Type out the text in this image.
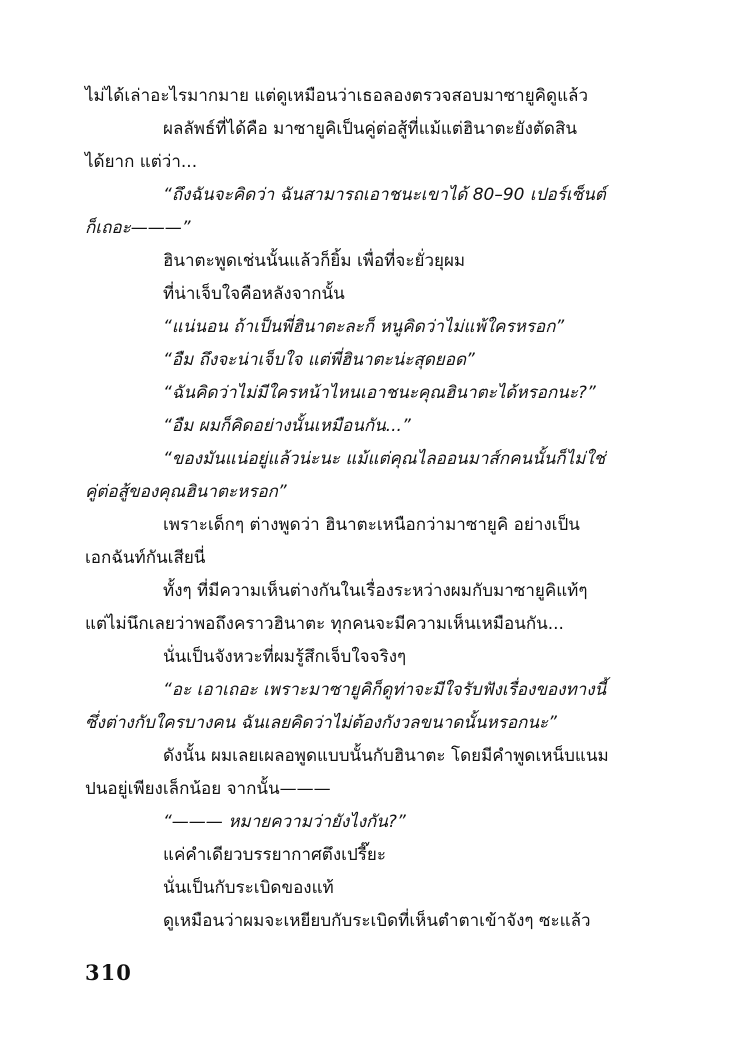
ไม่ได้เล่าอะไรมากมาย แต่ดูเหมือนว่าเธอลองตรวจสอบมาซายูคิดูแล้ว
ผลลัพธ์ที่ได้คือ มาซายูคิเป็นคู่ต่อสู้ที่แม้แต่ฮินาตะยังตัดสิน
ได้ยาก แต่ว่า...
“ถึงฉันจะคิดว่า ฉันสามารถเอาชนะเขาได้ 80–90 เปอร์เซ็นต์
ก็เถอะ———”
ฮินาตะพูดเช่นนั้นแล้วก็ยิ้ม เพื่อที่จะยั่วยุผม
ที่น่าเจ็บใจคือหลังจากนั้น
“แน่นอน ถ้าเป็นพี่ฮินาตะละก็ หนูคิดว่าไม่แพ้ใครหรอก”
“อืม ถึงจะน่าเจ็บใจ แต่พี่ฮินาตะน่ะสุดยอด”
“ฉันคิดว่าไม่มีใครหน้าไหนเอาชนะคุณฮินาตะได้หรอกนะ?”
“อืม ผมก็คิดอย่างนั้นเหมือนกัน...”
“ของมันแน่อยู่แล้วน่ะนะ แม้แต่คุณไลออนมาส์กคนนั้นก็ไม่ใช่
คู่ต่อสู้ของคุณฮินาตะหรอก”
เพราะเด็กๆ ต่างพูดว่า ฮินาตะเหนือกว่ามาซายูคิ อย่างเป็น
เอกฉันท์กันเสียนี่
ทั้งๆ ที่มีความเห็นต่างกันในเรื่องระหว่างผมกับมาซายูคิแท้ๆ
แต่ไม่นึกเลยว่าพอถึงคราวฮินาตะ ทุกคนจะมีความเห็นเหมือนกัน...
นั่นเป็นจังหวะที่ผมรู้สึกเจ็บใจจริงๆ
“อะ เอาเถอะ เพราะมาซายูคิก็ดูท่าจะมีใจรับฟังเรื่องของทางนี้
ซึ่งต่างกับใครบางคน ฉันเลยคิดว่าไม่ต้องกังวลขนาดนั้นหรอกนะ”
ดังนั้น ผมเลยเผลอพูดแบบนั้นกับฮินาตะ โดยมีคำพูดเหน็บแนม
ปนอยู่เพียงเล็กน้อย จากนั้น———
“——— หมายความว่ายังไงกัน?”
แค่คำเดียวบรรยากาศตึงเปรี๊ยะ
นั่นเป็นกับระเบิดของแท้
ดูเหมือนว่าผมจะเหยียบกับระเบิดที่เห็นตำตาเข้าจังๆ ซะแล้ว
310
